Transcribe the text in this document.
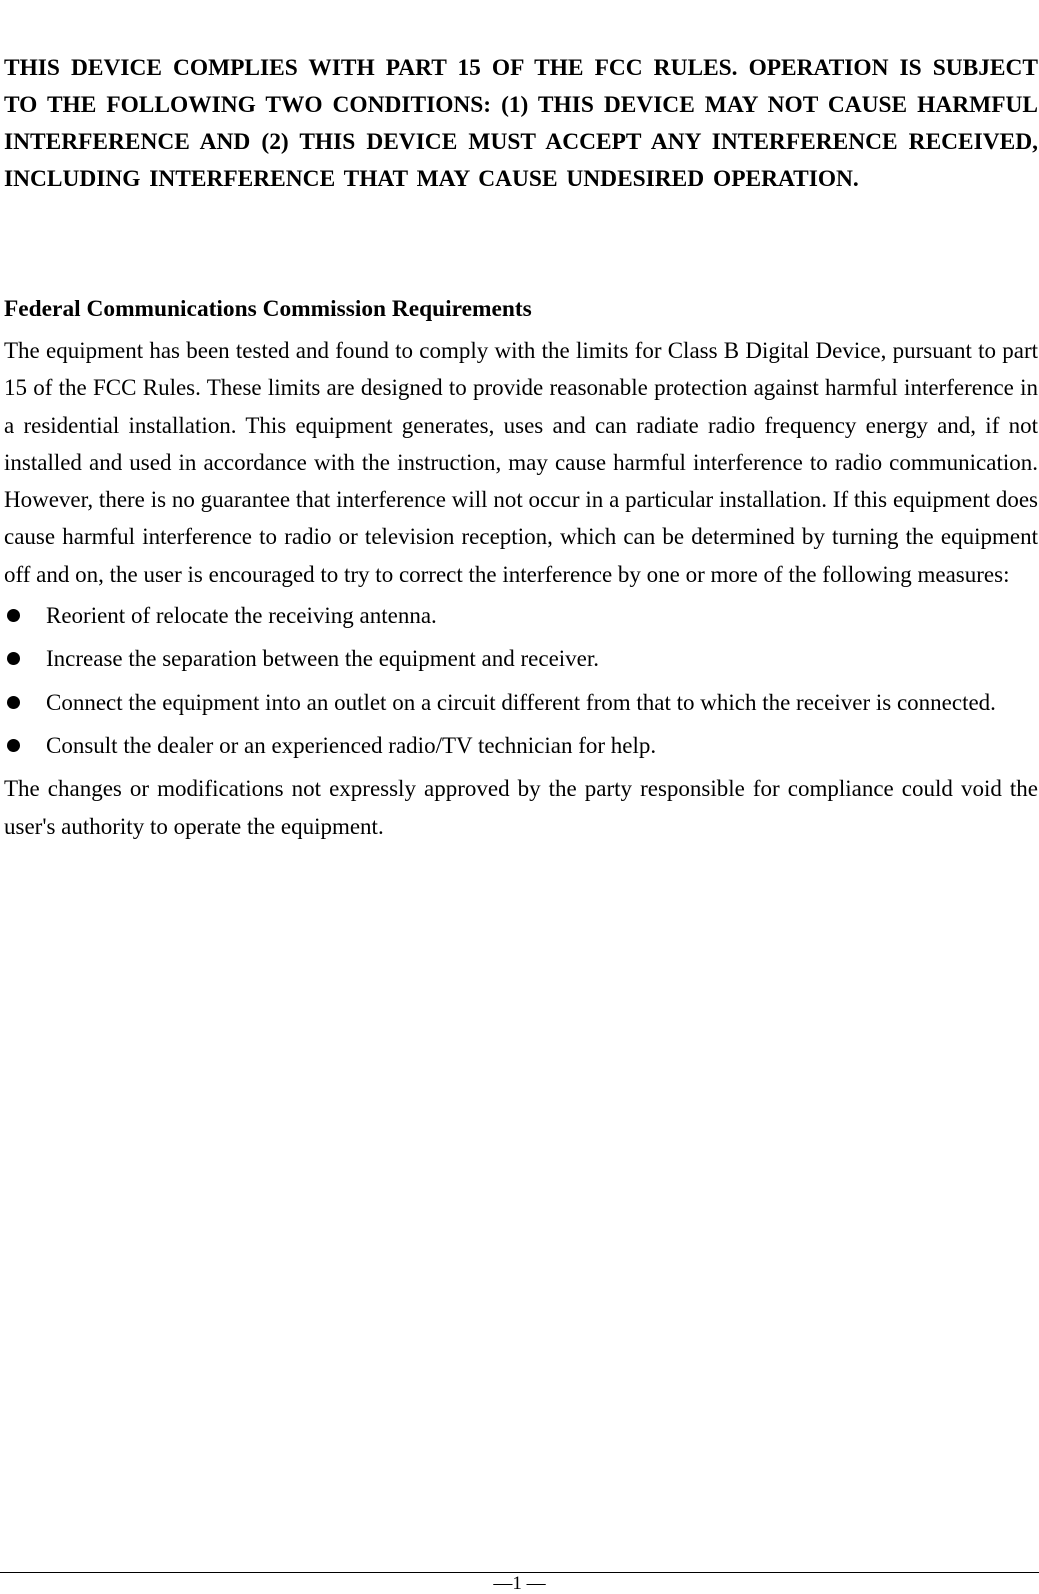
THIS DEVICE COMPLIES WITH PART 15 OF THE FCC RULES. OPERATION IS SUBJECT TO THE FOLLOWING TWO CONDITIONS: (1) THIS DEVICE MAY NOT CAUSE HARMFUL INTERFERENCE AND (2) THIS DEVICE MUST ACCEPT ANY INTERFERENCE RECEIVED, INCLUDING INTERFERENCE THAT MAY CAUSE UNDESIRED OPERATION.

Federal Communications Commission Requirements

The equipment has been tested and found to comply with the limits for Class B Digital Device, pursuant to part 15 of the FCC Rules. These limits are designed to provide reasonable protection against harmful interference in a residential installation. This equipment generates, uses and can radiate radio frequency energy and, if not installed and used in accordance with the instruction, may cause harmful interference to radio communication. However, there is no guarantee that interference will not occur in a particular installation. If this equipment does cause harmful interference to radio or television reception, which can be determined by turning the equipment off and on, the user is encouraged to try to correct the interference by one or more of the following measures:

Reorient of relocate the receiving antenna.
Increase the separation between the equipment and receiver.
Connect the equipment into an outlet on a circuit different from that to which the receiver is connected.
Consult the dealer or an experienced radio/TV technician for help.

The changes or modifications not expressly approved by the party responsible for compliance could void the user's authority to operate the equipment.

—1 —
